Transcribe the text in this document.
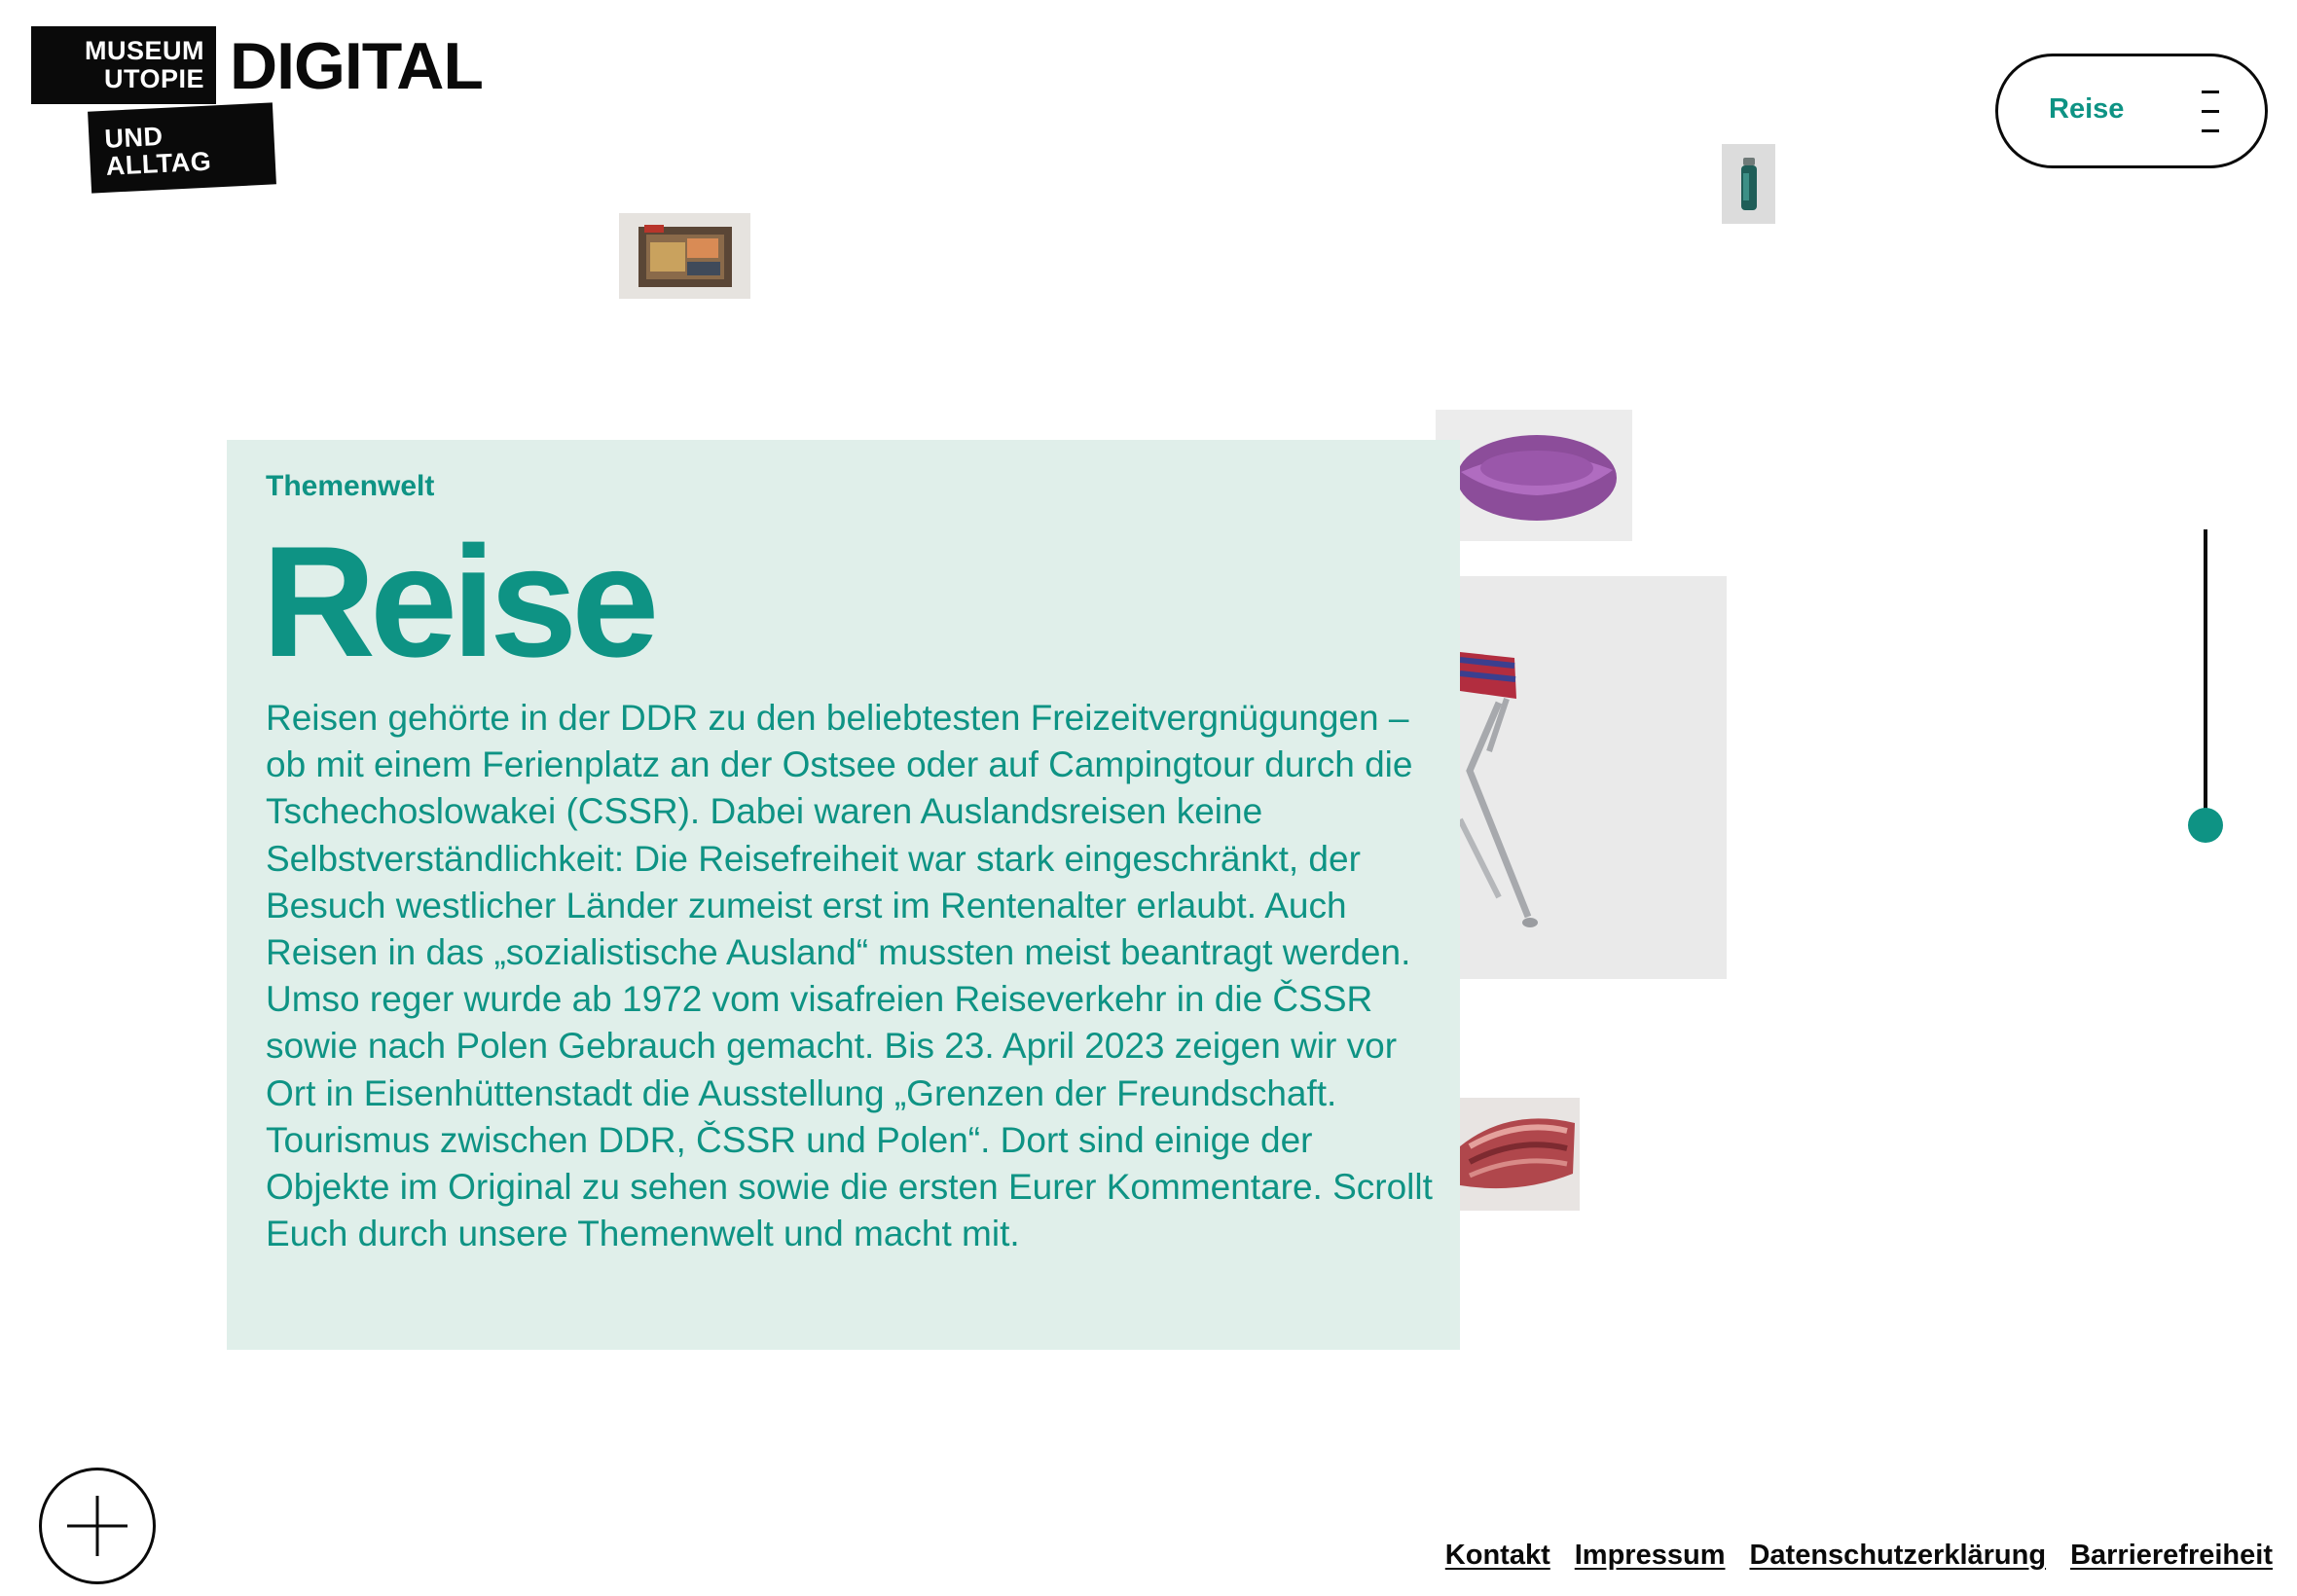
MUSEUM
UTOPIE
UND
ALLTAG
DIGITAL
Reise
Themenwelt
Reise
Reisen gehörte in der DDR zu den beliebtesten Freizeitvergnügungen – ob mit einem Ferienplatz an der Ostsee oder auf Campingtour durch die Tschechoslowakei (CSSR). Dabei waren Auslandsreisen keine Selbstverständlichkeit: Die Reisefreiheit war stark eingeschränkt, der Besuch westlicher Länder zumeist erst im Rentenalter erlaubt. Auch Reisen in das „sozialistische Ausland“ mussten meist beantragt werden. Umso reger wurde ab 1972 vom visafreien Reiseverkehr in die ČSSR sowie nach Polen Gebrauch gemacht. Bis 23. April 2023 zeigen wir vor Ort in Eisenhüttenstadt die Ausstellung „Grenzen der Freundschaft. Tourismus zwischen DDR, ČSSR und Polen“. Dort sind einige der Objekte im Original zu sehen sowie die ersten Eurer Kommentare. Scrollt Euch durch unsere Themenwelt und macht mit.
Kontakt Impressum Datenschutzerklärung Barrierefreiheit
